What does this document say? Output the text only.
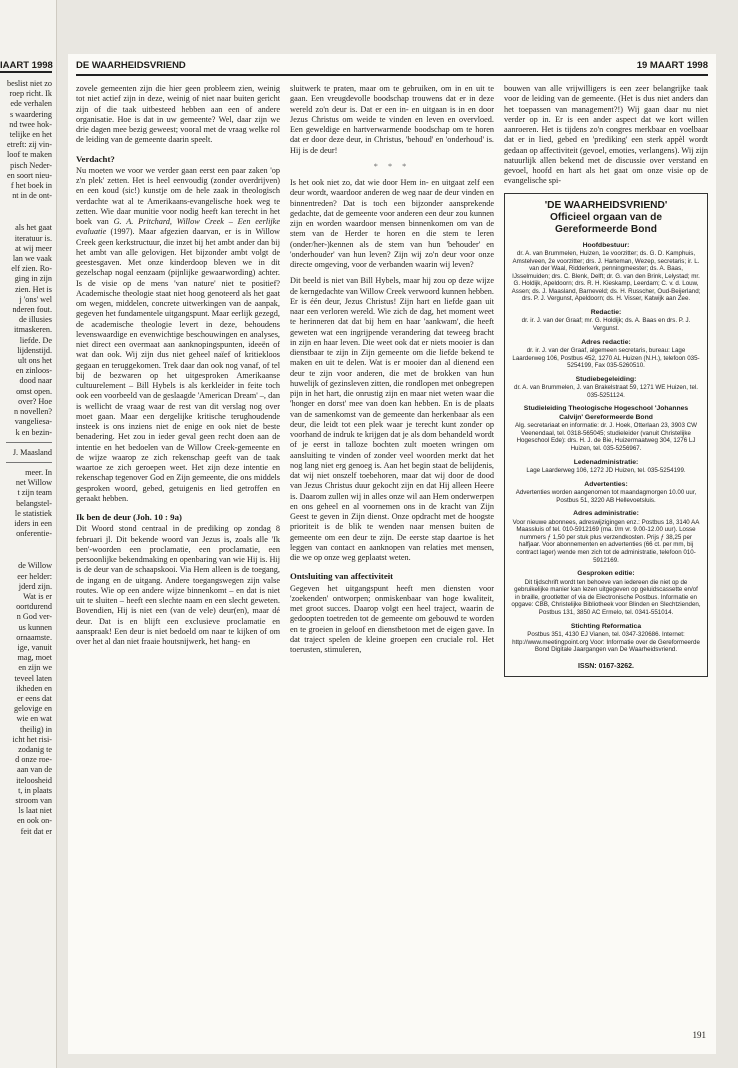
IAART 1998
beslist niet zo
roep richt. Ik
ede verhalen
s waardering
nd twee hok-
telijke en het
etreft: zij vin-
loof te maken
pisch Neder-
en soort nieu-
f het boek in
nt in de ont-
als het gaat
iteratuur is.
at wij meer
lan we vaak
elf zien. Ro-
ging in zijn
zien. Het is
j 'ons' wel
nderen fout.
de illusies
itmaskeren.
liefde. De
lijdenstijd.
ult ons het
en zinloos-
dood naar
omst open.
over? Hoe
n novellen?
vangeliesa-
k en bezin-
J. Maasland
meer. In
net Willow
t zijn team
belangstel-
le statistiek
iders in een
onferentie-
de Willow
eer helder:
jderd zijn.
Wat is er
oortdurend
n God ver-
us kunnen
ornaamste.
ige, vanuit
mag, moet
en zijn we
teveel laten
ikheden en
er eens dat
gelovige en
wie en wat
theilig) in
icht het risi-
zodanig te
d onze roe-
aan van de
iteloosheid
t, in plaats
stroom van
ls laat niet
en ook on-
feit dat er
DE WAARHEIDSVRIEND	19 MAART 1998

zovele gemeenten zijn die hier geen probleem zien, weinig tot niet actief zijn in deze, weinig of niet naar buiten gericht zijn of die taak uitbesteed hebben aan een of andere organisatie. Hoe is dat in uw gemeente? Wel, daar zijn we drie dagen mee bezig geweest; vooral met de vraag welke rol de leiding van de gemeente daarin speelt.

Verdacht?

Nu moeten we voor we verder gaan eerst een paar zaken 'op z'n plek' zetten. Het is heel eenvoudig (zonder overdrijven) en een koud (sic!) kunstje om de hele zaak in theologisch verdachte wat al te Amerikaans-evangelische hoek weg te zetten. Wie daar munitie voor nodig heeft kan terecht in het boek van G. A. Pritchard, Willow Creek – Een eerlijke evaluatie (1997). Maar afgezien daarvan, er is in Willow Creek geen kerkstructuur, die inzet bij het ambt ander dan bij het ambt van alle gelovigen. Het bijzonder ambt volgt de geestesgaven. Met onze kinderdoop bleven we in dit gezelschap nogal eenzaam (pijnlijke gewaarwording) achter. Is de visie op de mens 'van nature' niet te positief? Academische theologie staat niet hoog genoteerd als het gaat om wegen, middelen, concrete uitwerkingen van de aanpak, gegeven het fundamentele uitgangspunt. Maar eerlijk gezegd, de academische theologie levert in deze, behoudens levenswaardige en evenwichtige beschouwingen en analyses, niet direct een overmaat aan aanknopingspunten, ideeën of wat dan ook. Wij zijn dus niet geheel naïef of kritiekloos gegaan en teruggekomen. Trek daar dan ook nog vanaf, of tel bij de bezwaren op het uitgesproken Amerikaanse cultuurelement – Bill Hybels is als kerkleider in feite toch ook een voorbeeld van de geslaagde 'American Dream' –, dan is wellicht de vraag waar de rest van dit verslag nog over moet gaan. Maar een dergelijke kritische terughoudende insteek is ons inziens niet de enige en ook niet de beste benadering. Het zou in ieder geval geen recht doen aan de intentie en het bedoelen van de Willow Creek-gemeente en de wijze waarop ze zich rekenschap geeft van de taak waartoe ze zich geroepen weet. Het zijn deze intentie en rekenschap tegenover God en Zijn gemeente, die ons middels gesproken woord, gebed, getuigenis en lied getroffen en geraakt hebben.

Ik ben de deur (Joh. 10 : 9a)

Dit Woord stond centraal in de prediking op zondag 8 februari jl. Dit bekende woord van Jezus is, zoals alle 'Ik ben'-woorden een proclamatie, een proclamatie, een persoonlijke bekendmaking en openbaring van wie Hij is. Hij is de deur van de schaapskooi. Via Hem alleen is de toegang, de ingang en de uitgang. Andere toegangswegen zijn valse routes. Wie op een andere wijze binnenkomt – en dat is niet uit te sluiten – heeft een slechte naam en een slecht geweten. Bovendien, Hij is niet een (van de vele) deur(en), maar dé deur. Dat is en blijft een exclusieve proclamatie en aanspraak! Een deur is niet bedoeld om naar te kijken of om over het al dan niet fraaie houtsnijwerk, het hang- en

sluitwerk te praten, maar om te gebruiken, om in en uit te gaan. Een vreugdevolle boodschap trouwens dat er in deze wereld zo'n deur is. Dat er een in- en uitgaan is in en door Jezus Christus om weide te vinden en leven en overvloed. Een geweldige en hartverwarmende boodschap om te horen dat er door deze deur, in Christus, 'behoud' en 'onderhoud' is. Hij is de deur!

* * *

Is het ook niet zo, dat wie door Hem in- en uitgaat zelf een deur wordt, waardoor anderen de weg naar de deur vinden en binnentreden? Dat is toch een bijzonder aansprekende gedachte, dat de gemeente voor anderen een deur zou kunnen zijn en worden waardoor mensen binnenkomen om van de stem van de Herder te horen en die stem te leren (onder/her-)kennen als de stem van hun 'behouder' en 'onderhouder' van hun leven? Zijn wij zo'n deur voor onze directe omgeving, voor de verbanden waarin wij leven?

Dit beeld is niet van Bill Hybels, maar hij zou op deze wijze de kerngedachte van Willow Creek verwoord kunnen hebben. Er is één deur, Jezus Christus! Zijn hart en liefde gaan uit naar een verloren wereld. Wie zich de dag, het moment weet te herinneren dat dat bij hem en haar 'aankwam', die heeft geweten wat een ingrijpende verandering dat teweeg bracht in zijn en haar leven. Die weet ook dat er niets mooier is dan dienstbaar te zijn in Zijn gemeente om die liefde bekend te maken en uit te delen. Wat is er mooier dan al dienend een deur te zijn voor anderen, die met de brokken van hun huwelijk of gezinsleven zitten, die rondlopen met onbegrepen pijn in het hart, die onrustig zijn en maar niet weten waar die 'honger en dorst' mee van doen kan hebben. En is de plaats van de samenkomst van de gemeente dan herkenbaar als een deur, die leidt tot een plek waar je terecht kunt zonder op voorhand de indruk te krijgen dat je als dom behandeld wordt of je eerst in talloze bochten zult moeten wringen om aansluiting te vinden of zonder veel woorden merkt dat het nog lang niet erg genoeg is. Aan het begin staat de belijdenis, dat wij niet onszelf toebehoren, maar dat wij door de dood van Jezus Christus duur gekocht zijn en dat Hij alleen Heere is. Daarom zullen wij in alles onze wil aan Hem onderwerpen en ons geheel en al voornemen ons in de kracht van Zijn Geest te geven in Zijn dienst. Onze opdracht met de hoogste prioriteit is de blik te wenden naar mensen buiten de gemeente om een deur te zijn. De eerste stap daartoe is het leggen van contact en aanknopen van relaties met mensen, die we op onze weg geplaatst weten.

Ontsluiting van affectiviteit

Gegeven het uitgangspunt heeft men diensten voor 'zoekenden' ontworpen; onmiskenbaar van hoge kwaliteit, met groot succes. Daarop volgt een heel traject, waarin de gedoopten toetreden tot de gemeente om gebouwd te worden en te groeien in geloof en dienstbetoon met de eigen gave. In dat traject spelen de kleine groepen een cruciale rol. Het toerusten, stimuleren,

bouwen van alle vrijwilligers is een zeer belangrijke taak voor de leiding van de gemeente. (Het is dus niet anders dan het toepassen van management?!) Wij gaan daar nu niet verder op in. Er is een ander aspect dat we kort willen aanroeren. Het is tijdens zo'n congres merkbaar en voelbaar dat er in lied, gebed en 'prediking' een sterk appèl wordt gedaan op affectiviteit (gevoel, emoties, verlangens). Wij zijn natuurlijk allen bekend met de discussie over verstand en gevoel, hoofd en hart als het gaat om onze visie op de evangelische spi-

'DE WAARHEIDSVRIEND'
Officieel orgaan van de
Gereformeerde Bond
Hoofdbestuur:
dr. A. van Brummelen, Huizen, 1e voorzitter; ds. G. D. Kamphuis, Amstelveen, 2e voorzitter; drs. J. Harteman, Wezep, secretaris; ir. L. van der Waal, Ridderkerk, penningmeester; ds. A. Baas, IJsselmuiden; drs. C. Blenk, Delft; dr. G. van den Brink, Lelystad; mr. G. Holdijk, Apeldoorn; drs. R. H. Kieskamp, Leerdam; C. v. d. Louw, Assen; ds. J. Maasland, Barneveld; ds. H. Russcher, Oud-Beijerland; drs. P. J. Vergunst, Apeldoorn; ds. H. Visser, Katwijk aan Zee.
Redactie:
dr. ir. J. van der Graaf; mr. G. Holdijk; ds. A. Baas en drs. P. J. Vergunst.
Adres redactie:
dr. ir. J. van der Graaf, algemeen secretaris, bureau: Lage Laarderweg 106, Postbus 452, 1270 AL Huizen (N.H.), telefoon 035-5254199, Fax 035-5260510.
Studiebegeleiding:
dr. A. van Brummelen, J. van Brakelstraat 59, 1271 WE Huizen, tel. 035-5251124.
Studieleiding Theologische Hogeschool 'Johannes Calvijn' Gereformeerde Bond
Alg. secretariaat en informatie: dr. J. Hoek, Otterlaan 23, 3903 CW Veenendaal, tel. 0318-565045; studieleider (vanuit Christelijke Hogeschool Ede): drs. H. J. de Bie, Huizermaatweg 304, 1276 LJ Huizen, tel. 035-5256967.
Ledenadministratie:
Lage Laarderweg 106, 1272 JD Huizen, tel. 035-5254199.
Advertenties:
Advertenties worden aangenomen tot maandagmorgen 10.00 uur, Postbus 51, 3220 AB Hellevoetsluis.
Adres administratie:
Voor nieuwe abonnees, adreswijzigingen enz.: Postbus 18, 3140 AA Maassluis of tel. 010-5912169 (ma. t/m vr. 9.00-12.00 uur). Losse nummers ƒ 1,50 per stuk plus verzendkosten. Prijs ƒ 38,25 per halfjaar. Voor abonnementen en advertenties (66 ct. per mm, bij contract lager) wende men zich tot de administratie, telefoon 010-5912169.
Gesproken editie:
Dit tijdschrift wordt ten behoeve van iedereen die niet op de gebruikelijke manier kan lezen uitgegeven op geluidscassette en/of in braille, grootletter of via de Electronische Postbus. Informatie en opgave: CBB, Christelijke Bibliotheek voor Blinden en Slechtzienden, Postbus 131, 3850 AC Ermelo, tel. 0341-551014.
Stichting Reformatica
Postbus 351, 4130 EJ Vianen, tel. 0347-320686. Internet: http://www.meetingpoint.org Voor: Informatie over de Gereformeerde Bond Digitale Jaargangen van De Waarheidsvriend.
ISSN: 0167-3262.
191
